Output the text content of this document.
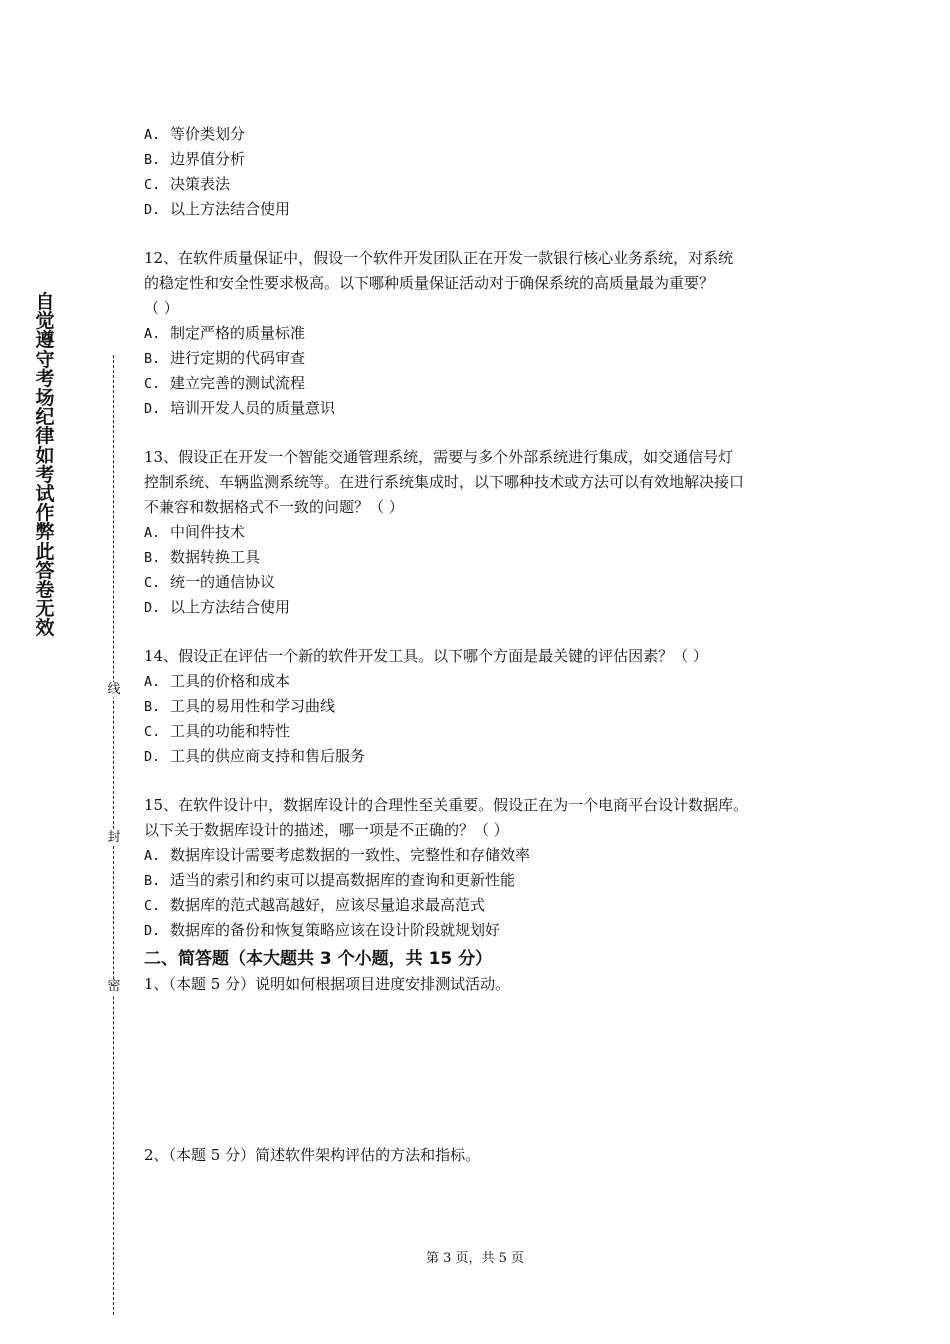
自觉遵守考场纪律如考试作弊此答卷无效
线
封
密
A. 等价类划分
B. 边界值分析
C. 决策表法
D. 以上方法结合使用
12、在软件质量保证中，假设一个软件开发团队正在开发一款银行核心业务系统，对系统
的稳定性和安全性要求极高。以下哪种质量保证活动对于确保系统的高质量最为重要？
（ ）
A. 制定严格的质量标准
B. 进行定期的代码审查
C. 建立完善的测试流程
D. 培训开发人员的质量意识
13、假设正在开发一个智能交通管理系统，需要与多个外部系统进行集成，如交通信号灯
控制系统、车辆监测系统等。在进行系统集成时，以下哪种技术或方法可以有效地解决接口
不兼容和数据格式不一致的问题？（ ）
A. 中间件技术
B. 数据转换工具
C. 统一的通信协议
D. 以上方法结合使用
14、假设正在评估一个新的软件开发工具。以下哪个方面是最关键的评估因素？（ ）
A. 工具的价格和成本
B. 工具的易用性和学习曲线
C. 工具的功能和特性
D. 工具的供应商支持和售后服务
15、在软件设计中，数据库设计的合理性至关重要。假设正在为一个电商平台设计数据库。
以下关于数据库设计的描述，哪一项是不正确的？（ ）
A. 数据库设计需要考虑数据的一致性、完整性和存储效率
B. 适当的索引和约束可以提高数据库的查询和更新性能
C. 数据库的范式越高越好，应该尽量追求最高范式
D. 数据库的备份和恢复策略应该在设计阶段就规划好
二、简答题（本大题共 3 个小题，共 15 分）
1、（本题 5 分）说明如何根据项目进度安排测试活动。
2、（本题 5 分）简述软件架构评估的方法和指标。
第 3 页，共 5 页
